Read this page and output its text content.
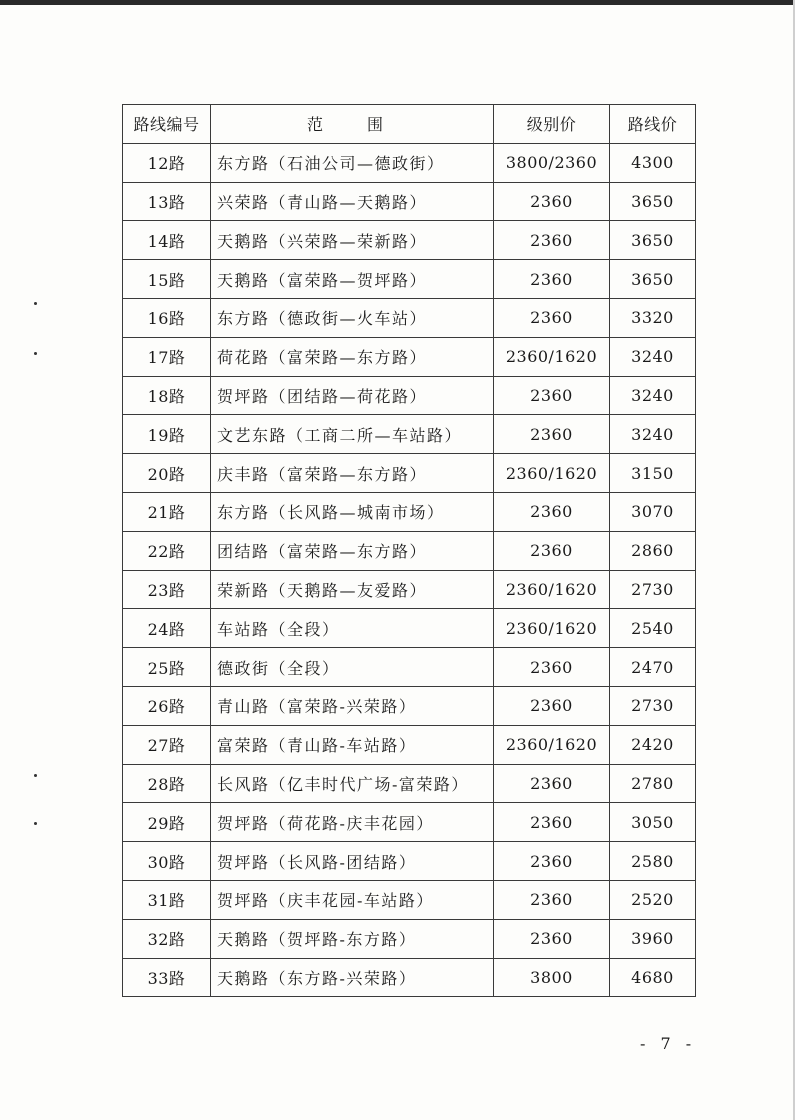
路线编号	范　围	级别价	路线价
12路	东方路（石油公司—德政街）	3800/2360	4300
13路	兴荣路（青山路—天鹅路）	2360	3650
14路	天鹅路（兴荣路—荣新路）	2360	3650
15路	天鹅路（富荣路—贺坪路）	2360	3650
16路	东方路（德政街—火车站）	2360	3320
17路	荷花路（富荣路—东方路）	2360/1620	3240
18路	贺坪路（团结路—荷花路）	2360	3240
19路	文艺东路（工商二所—车站路）	2360	3240
20路	庆丰路（富荣路—东方路）	2360/1620	3150
21路	东方路（长风路—城南市场）	2360	3070
22路	团结路（富荣路—东方路）	2360	2860
23路	荣新路（天鹅路—友爱路）	2360/1620	2730
24路	车站路（全段）	2360/1620	2540
25路	德政街（全段）	2360	2470
26路	青山路（富荣路-兴荣路）	2360	2730
27路	富荣路（青山路-车站路）	2360/1620	2420
28路	长风路（亿丰时代广场-富荣路）	2360	2780
29路	贺坪路（荷花路-庆丰花园）	2360	3050
30路	贺坪路（长风路-团结路）	2360	2580
31路	贺坪路（庆丰花园-车站路）	2360	2520
32路	天鹅路（贺坪路-东方路）	2360	3960
33路	天鹅路（东方路-兴荣路）	3800	4680
- 7 -
